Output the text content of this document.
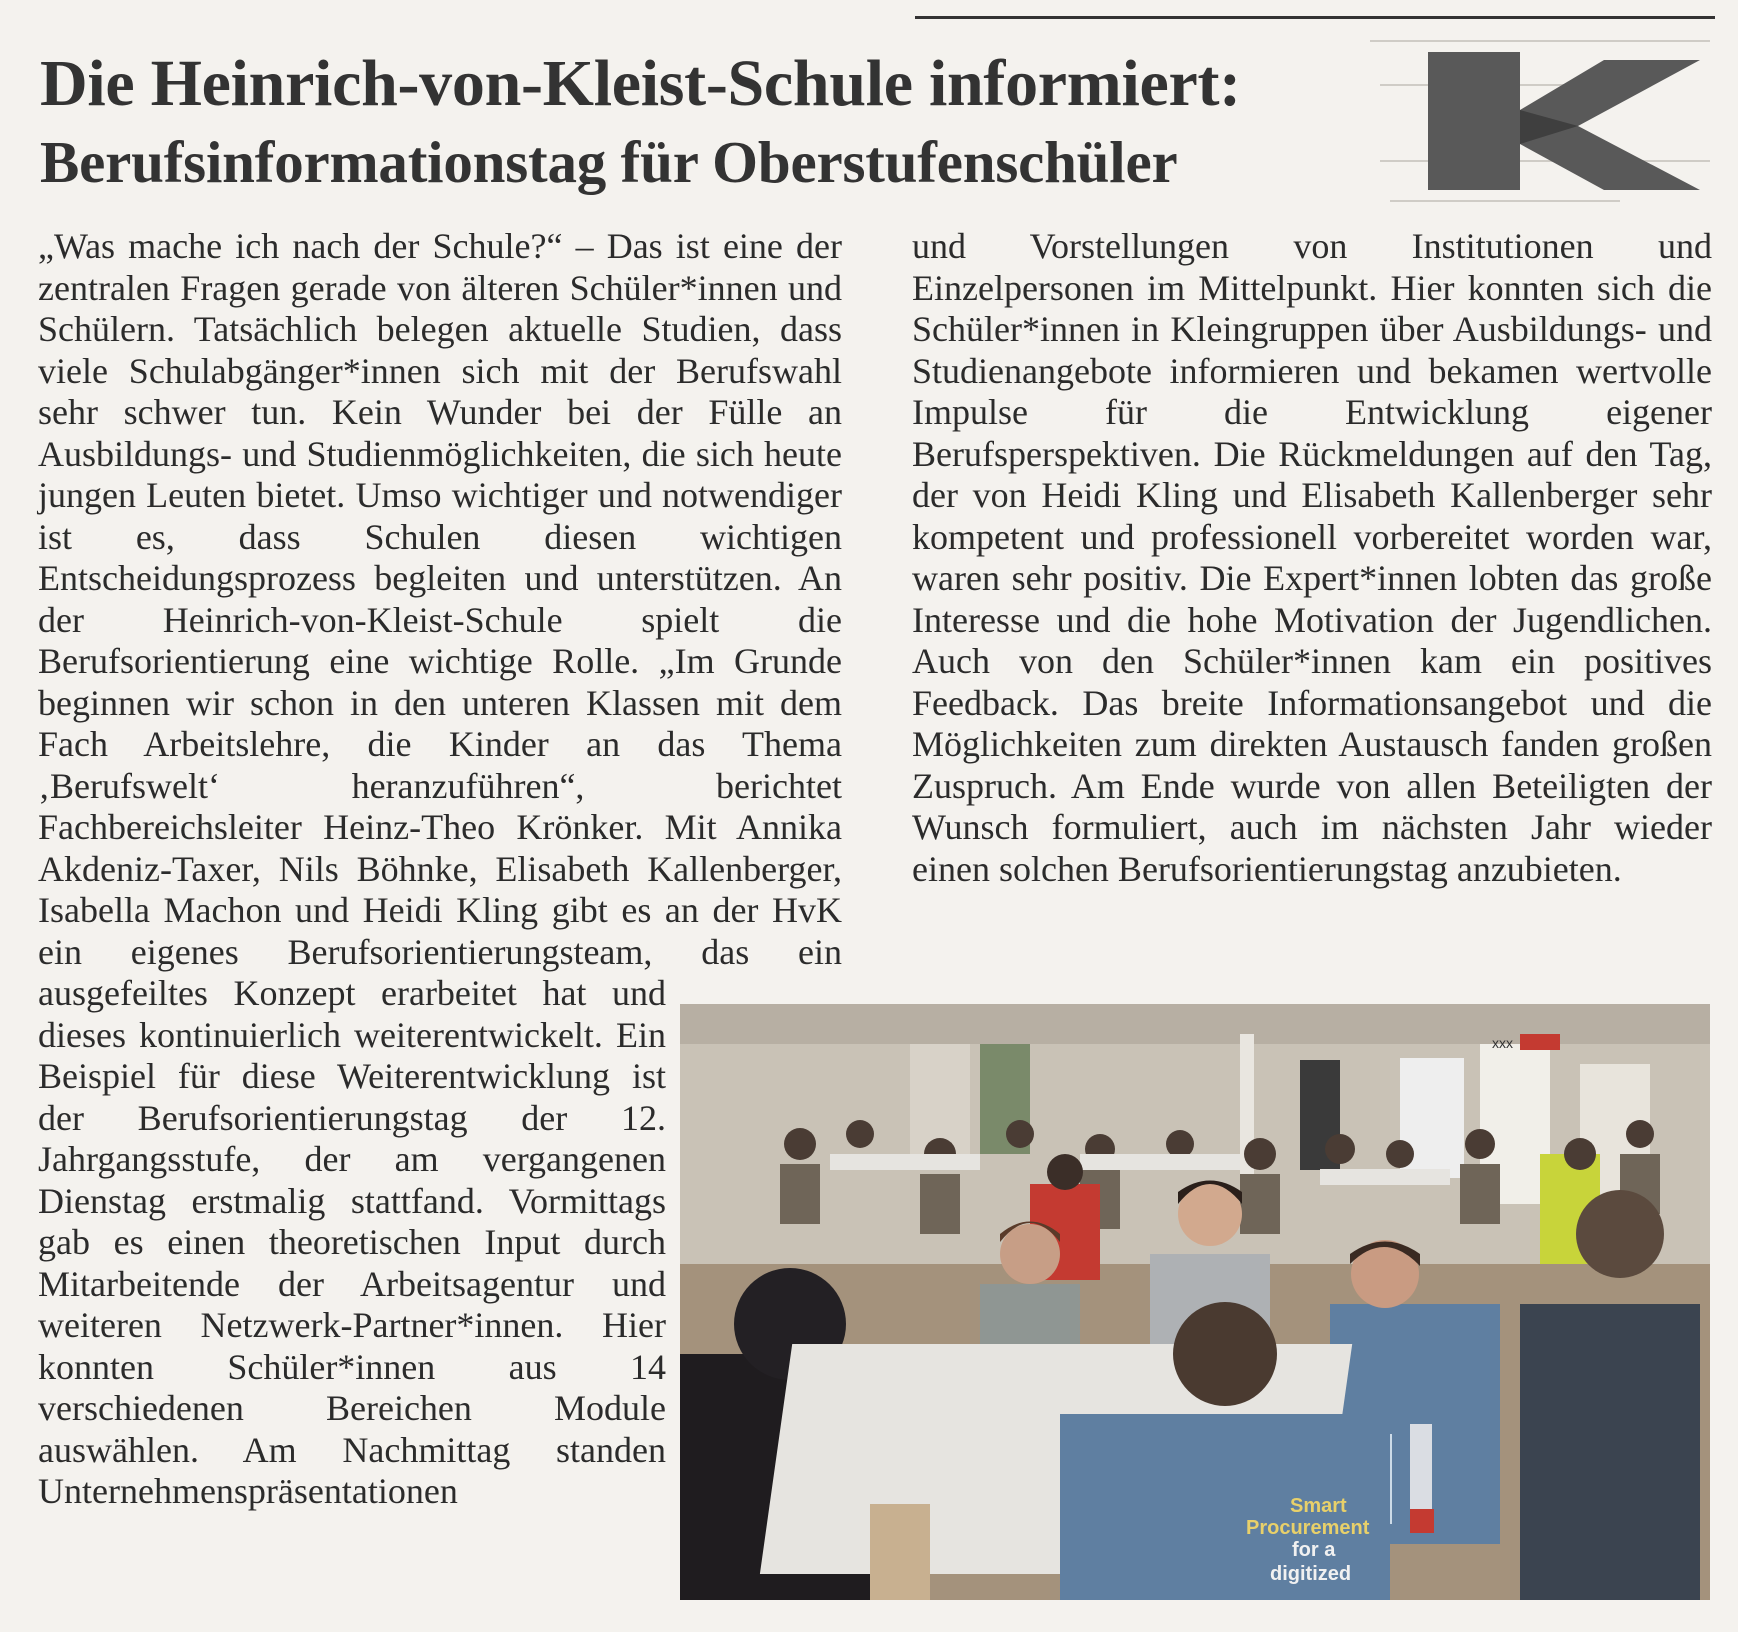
Die Heinrich-von-Kleist-Schule informiert:
Berufsinformationstag für Oberstufenschüler

„Was mache ich nach der Schule?“ – Das ist eine der zentralen Fragen gerade von älteren Schüler*innen und Schülern. Tatsächlich belegen aktuelle Studien, dass viele Schulabgänger*innen sich mit der Berufswahl sehr schwer tun. Kein Wunder bei der Fülle an Ausbildungs- und Studienmöglichkeiten, die sich heute jungen Leuten bietet. Umso wichtiger und notwendiger ist es, dass Schulen diesen wichtigen Entscheidungsprozess begleiten und unterstützen. An der Heinrich-von-Kleist-Schule spielt die Berufsorientierung eine wichtige Rolle. „Im Grunde beginnen wir schon in den unteren Klassen mit dem Fach Arbeitslehre, die Kinder an das Thema ‚Berufswelt‘ heranzuführen“, berichtet Fachbereichsleiter Heinz-Theo Krönker. Mit Annika Akdeniz-Taxer, Nils Böhnke, Elisabeth Kallenberger, Isabella Machon und Heidi Kling gibt es an der HvK ein eigenes Berufsorientierungsteam, das ein ausgefeiltes Konzept erarbeitet hat und dieses kontinuierlich weiterentwickelt. Ein Beispiel für diese Weiterentwicklung ist der Berufsorientierungstag der 12. Jahrgangsstufe, der am vergangenen Dienstag erstmalig stattfand. Vormittags gab es einen theoretischen Input durch Mitarbeitende der Arbeitsagentur und weiteren Netzwerk-Partner*innen. Hier konnten Schüler*innen aus 14 verschiedenen Bereichen Module auswählen. Am Nachmittag standen Unternehmenspräsentationen

und Vorstellungen von Institutionen und Einzelpersonen im Mittelpunkt. Hier konnten sich die Schüler*innen in Kleingruppen über Ausbildungs- und Studienangebote informieren und bekamen wertvolle Impulse für die Entwicklung eigener Berufsperspektiven. Die Rückmeldungen auf den Tag, der von Heidi Kling und Elisabeth Kallenberger sehr kompetent und professionell vorbereitet worden war, waren sehr positiv. Die Expert*innen lobten das große Interesse und die hohe Motivation der Jugendlichen. Auch von den Schüler*innen kam ein positives Feedback. Das breite Informationsangebot und die Möglichkeiten zum direkten Austausch fanden großen Zuspruch. Am Ende wurde von allen Beteiligten der Wunsch formuliert, auch im nächsten Jahr wieder einen solchen Berufsorientierungstag anzubieten.

xxx
Smart
Procurement
for a
digitized
